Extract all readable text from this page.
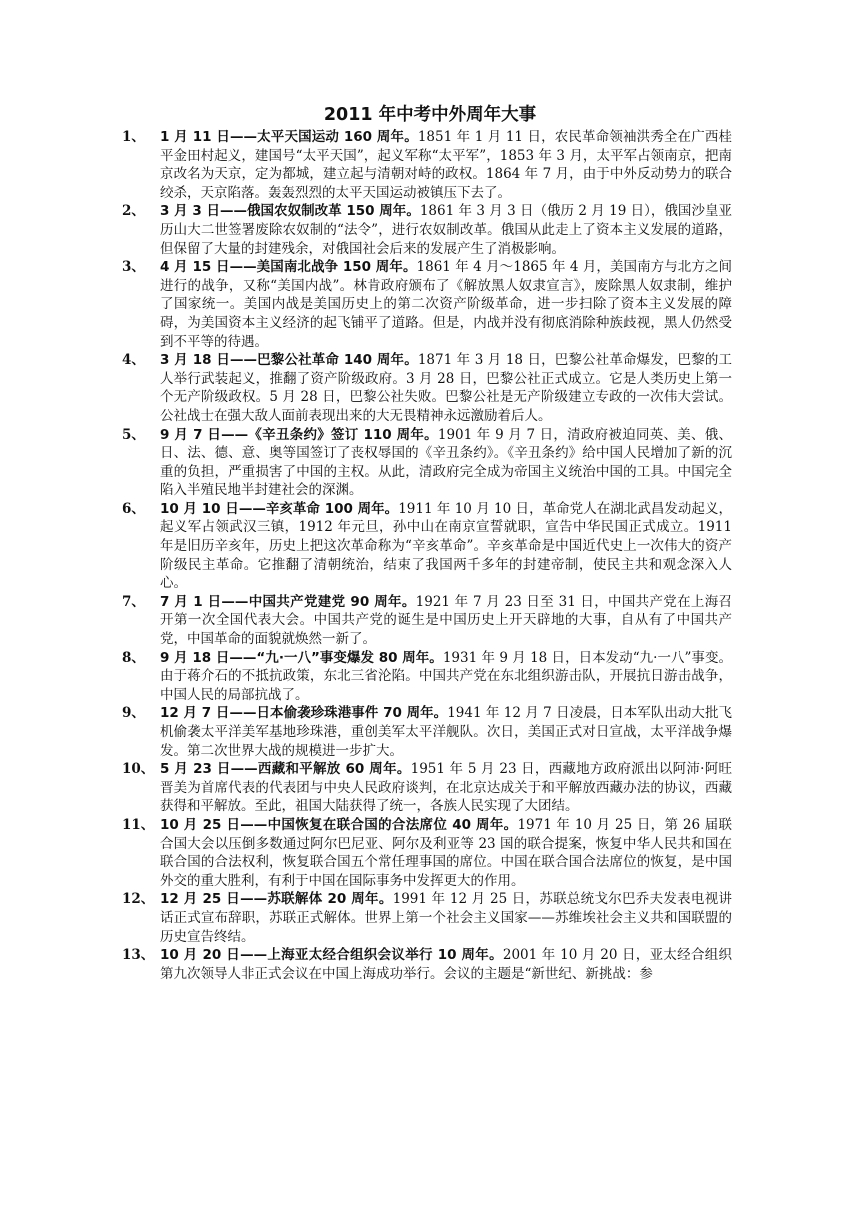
2011 年中考中外周年大事
1、	1 月 11 日——太平天国运动 160 周年。1851 年 1 月 11 日，农民革命领袖洪秀全在广西桂平金田村起义，建国号“太平天国”，起义军称“太平军”，1853 年 3 月，太平军占领南京，把南京改名为天京，定为都城，建立起与清朝对峙的政权。1864 年 7 月，由于中外反动势力的联合绞杀，天京陷落。轰轰烈烈的太平天国运动被镇压下去了。
2、	3 月 3 日——俄国农奴制改革 150 周年。1861 年 3 月 3 日（俄历 2 月 19 日），俄国沙皇亚历山大二世签署废除农奴制的“法令”，进行农奴制改革。俄国从此走上了资本主义发展的道路，但保留了大量的封建残余，对俄国社会后来的发展产生了消极影响。
3、	4 月 15 日——美国南北战争 150 周年。1861 年 4 月～1865 年 4 月，美国南方与北方之间进行的战争，又称“美国内战”。林肯政府颁布了《解放黑人奴隶宣言》，废除黑人奴隶制，维护了国家统一。美国内战是美国历史上的第二次资产阶级革命，进一步扫除了资本主义发展的障碍，为美国资本主义经济的起飞铺平了道路。但是，内战并没有彻底消除种族歧视，黑人仍然受到不平等的待遇。
4、	3 月 18 日——巴黎公社革命 140 周年。1871 年 3 月 18 日，巴黎公社革命爆发，巴黎的工人举行武装起义，推翻了资产阶级政府。3 月 28 日，巴黎公社正式成立。它是人类历史上第一个无产阶级政权。5 月 28 日，巴黎公社失败。巴黎公社是无产阶级建立专政的一次伟大尝试。公社战士在强大敌人面前表现出来的大无畏精神永远激励着后人。
5、	9 月 7 日——《辛丑条约》签订 110 周年。1901 年 9 月 7 日，清政府被迫同英、美、俄、日、法、德、意、奥等国签订了丧权辱国的《辛丑条约》。《辛丑条约》给中国人民增加了新的沉重的负担，严重损害了中国的主权。从此，清政府完全成为帝国主义统治中国的工具。中国完全陷入半殖民地半封建社会的深渊。
6、	10 月 10 日——辛亥革命 100 周年。1911 年 10 月 10 日，革命党人在湖北武昌发动起义，起义军占领武汉三镇，1912 年元旦，孙中山在南京宣誓就职，宣告中华民国正式成立。1911 年是旧历辛亥年，历史上把这次革命称为“辛亥革命”。辛亥革命是中国近代史上一次伟大的资产阶级民主革命。它推翻了清朝统治，结束了我国两千多年的封建帝制，使民主共和观念深入人心。
7、	7 月 1 日——中国共产党建党 90 周年。1921 年 7 月 23 日至 31 日，中国共产党在上海召开第一次全国代表大会。中国共产党的诞生是中国历史上开天辟地的大事，自从有了中国共产党，中国革命的面貌就焕然一新了。
8、	9 月 18 日——“九·一八”事变爆发 80 周年。1931 年 9 月 18 日，日本发动“九·一八”事变。由于蒋介石的不抵抗政策，东北三省沦陷。中国共产党在东北组织游击队，开展抗日游击战争，中国人民的局部抗战了。
9、	12 月 7 日——日本偷袭珍珠港事件 70 周年。1941 年 12 月 7 日凌晨，日本军队出动大批飞机偷袭太平洋美军基地珍珠港，重创美军太平洋舰队。次日，美国正式对日宣战，太平洋战争爆发。第二次世界大战的规模进一步扩大。
10、 5 月 23 日——西藏和平解放 60 周年。1951 年 5 月 23 日，西藏地方政府派出以阿沛·阿旺晋美为首席代表的代表团与中央人民政府谈判，在北京达成关于和平解放西藏办法的协议，西藏获得和平解放。至此，祖国大陆获得了统一，各族人民实现了大团结。
11、 10 月 25 日——中国恢复在联合国的合法席位 40 周年。1971 年 10 月 25 日，第 26 届联合国大会以压倒多数通过阿尔巴尼亚、阿尔及利亚等 23 国的联合提案，恢复中华人民共和国在联合国的合法权利，恢复联合国五个常任理事国的席位。中国在联合国合法席位的恢复，是中国外交的重大胜利，有利于中国在国际事务中发挥更大的作用。
12、 12 月 25 日——苏联解体 20 周年。1991 年 12 月 25 日，苏联总统戈尔巴乔夫发表电视讲话正式宣布辞职，苏联正式解体。世界上第一个社会主义国家——苏维埃社会主义共和国联盟的历史宣告终结。
13、 10 月 20 日——上海亚太经合组织会议举行 10 周年。2001 年 10 月 20 日，亚太经合组织第九次领导人非正式会议在中国上海成功举行。会议的主题是“新世纪、新挑战：参
